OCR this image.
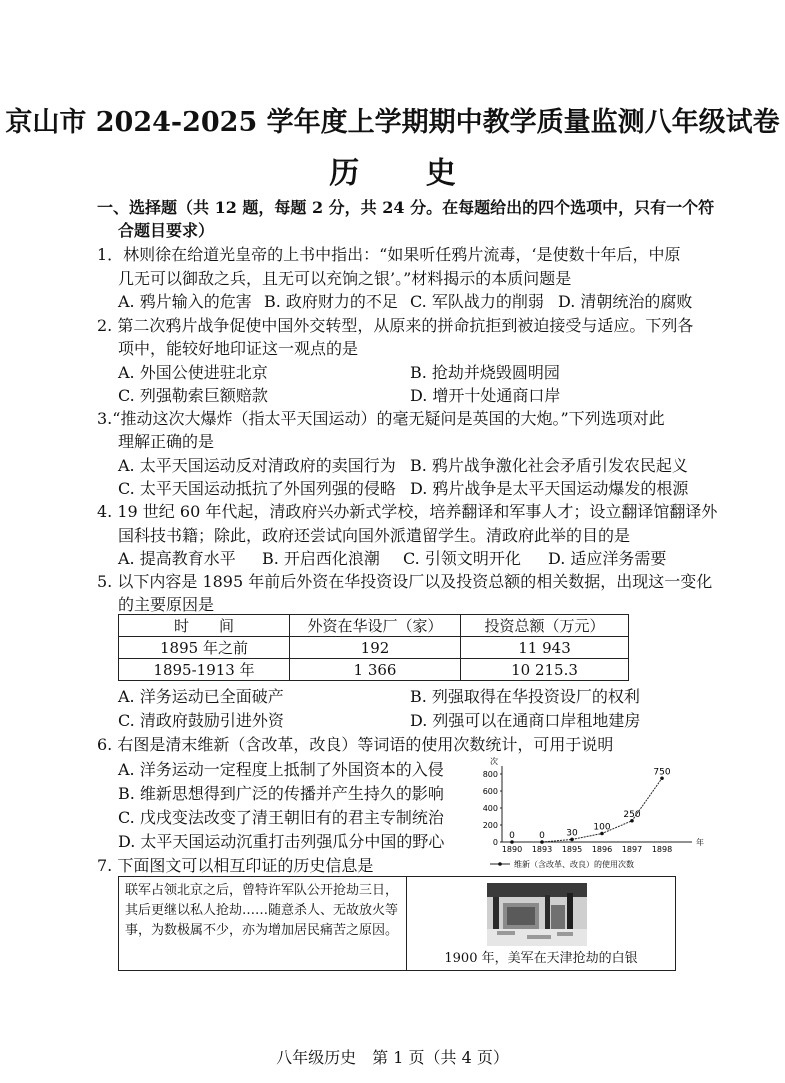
京山市 2024-2025 学年度上学期期中教学质量监测八年级试卷
历 史
一、选择题（共 12 题，每题 2 分，共 24 分。在每题给出的四个选项中，只有一个符
合题目要求）
1．林则徐在给道光皇帝的上书中指出：“如果听任鸦片流毒，‘是使数十年后，中原
几无可以御敌之兵，且无可以充饷之银’。”材料揭示的本质问题是
A. 鸦片输入的危害 B. 政府财力的不足 C. 军队战力的削弱 D. 清朝统治的腐败
2. 第二次鸦片战争促使中国外交转型，从原来的拼命抗拒到被迫接受与适应。下列各
项中，能较好地印证这一观点的是
A. 外国公使进驻北京	B. 抢劫并烧毁圆明园
C. 列强勒索巨额赔款	D. 增开十处通商口岸
3.“推动这次大爆炸（指太平天国运动）的毫无疑问是英国的大炮。”下列选项对此
理解正确的是
A. 太平天国运动反对清政府的卖国行为 B. 鸦片战争激化社会矛盾引发农民起义
C. 太平天国运动抵抗了外国列强的侵略 D. 鸦片战争是太平天国运动爆发的根源
4. 19 世纪 60 年代起，清政府兴办新式学校，培养翻译和军事人才；设立翻译馆翻译外
国科技书籍；除此，政府还尝试向国外派遣留学生。清政府此举的目的是
A. 提高教育水平 B. 开启西化浪潮 C. 引领文明开化 D. 适应洋务需要
5. 以下内容是 1895 年前后外资在华投资设厂以及投资总额的相关数据，出现这一变化
的主要原因是
时　　间	外资在华设厂（家）	投资总额（万元）
1895 年之前	192	11 943
1895-1913 年	1 366	10 215.3
A. 洋务运动已全面破产	B. 列强取得在华投资设厂的权利
C. 清政府鼓励引进外资	D. 列强可以在通商口岸租地建房
6. 右图是清末维新（含改革，改良）等词语的使用次数统计，可用于说明
A. 洋务运动一定程度上抵制了外国资本的入侵
B. 维新思想得到广泛的传播并产生持久的影响
C. 戊戌变法改变了清王朝旧有的君主专制统治
D. 太平天国运动沉重打击列强瓜分中国的野心
次
年
0
200
400
600
800
1890 1893 1895 1896 1897 1898
0	0 30
100
250
750
维新（含改革、改良）的使用次数
7. 下面图文可以相互印证的历史信息是
联军占领北京之后，曾特许军队公开抢劫三日，其后更继以私人抢劫……随意杀人、无故放火等事，为数极属不少，亦为增加居民痛苦之原因。
1900 年，美军在天津抢劫的白银
八年级历史　第 1 页（共 4 页）
